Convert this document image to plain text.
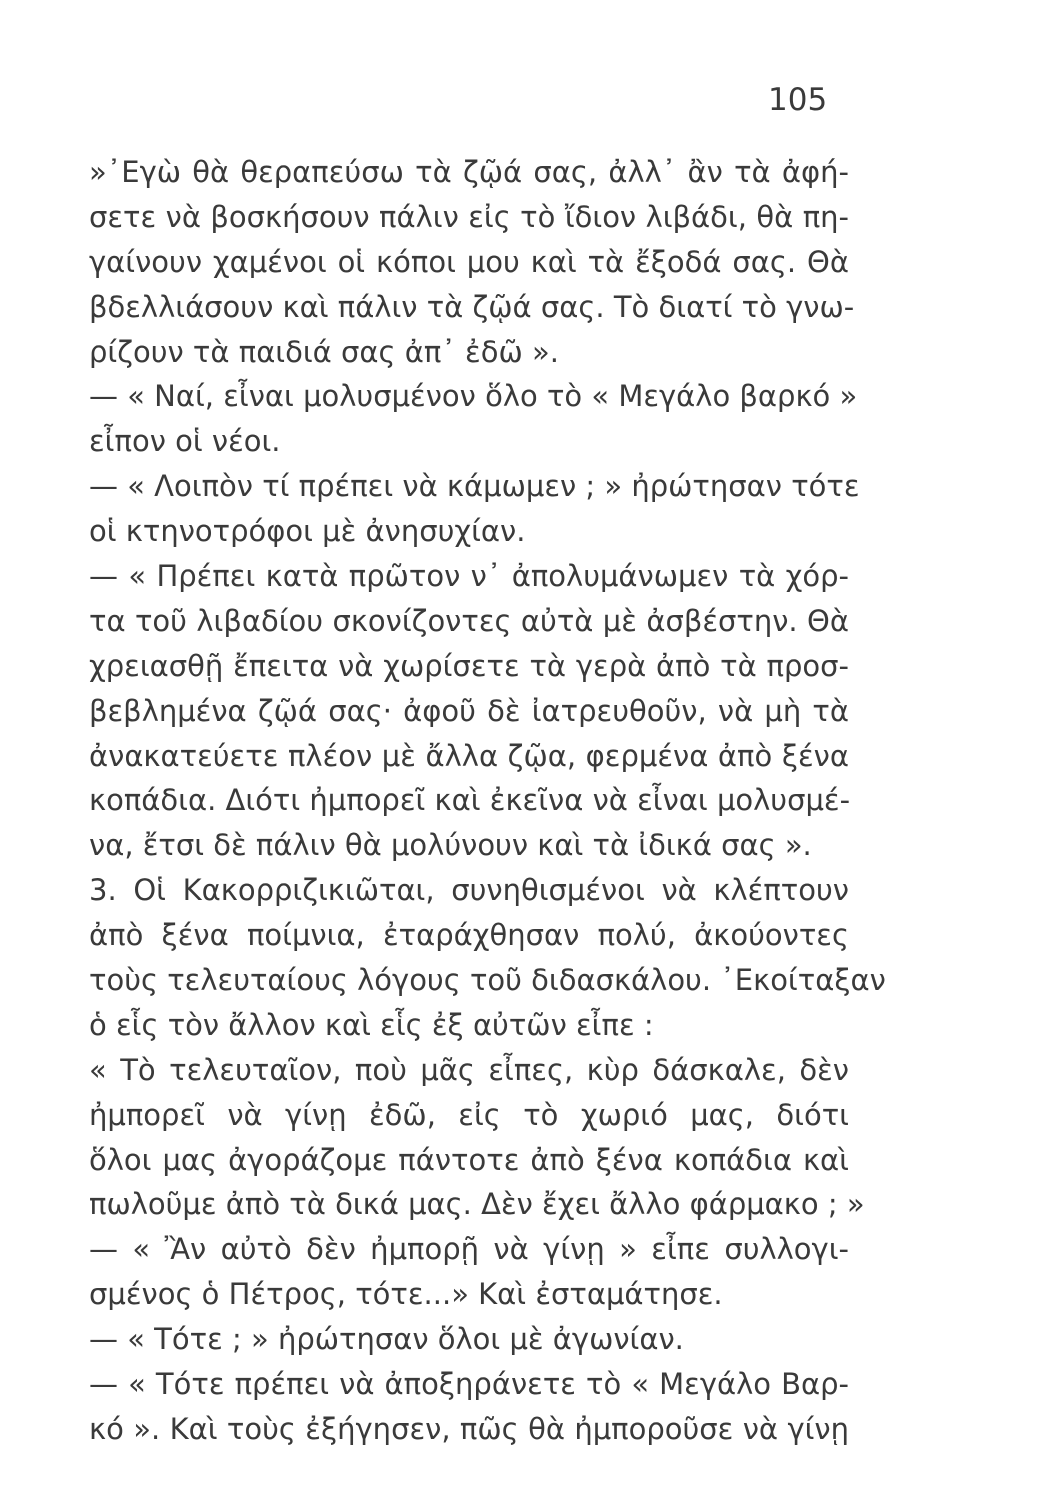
105
»᾿Εγὼ θὰ θεραπεύσω τὰ ζῷά σας, ἀλλ᾿ ἂν τὰ ἀφή-
σετε νὰ βοσκήσουν πάλιν εἰς τὸ ἴδιον λιβάδι, θὰ πη-
γαίνουν χαμένοι οἱ κόποι μου καὶ τὰ ἔξοδά σας. Θὰ
βδελλιάσουν καὶ πάλιν τὰ ζῷά σας. Τὸ διατί τὸ γνω-
ρίζουν τὰ παιδιά σας ἀπ᾿ ἐδῶ ».
— « Ναί, εἶναι μολυσμένον ὅλο τὸ « Μεγάλο βαρκό »
εἶπον οἱ νέοι.
— « Λοιπὸν τί πρέπει νὰ κάμωμεν ; » ἠρώτησαν τότε
οἱ κτηνοτρόφοι μὲ ἀνησυχίαν.
— « Πρέπει κατὰ πρῶτον ν᾿ ἀπολυμάνωμεν τὰ χόρ-
τα τοῦ λιβαδίου σκονίζοντες αὐτὰ μὲ ἀσβέστην. Θὰ
χρειασθῇ ἔπειτα νὰ χωρίσετε τὰ γερὰ ἀπὸ τὰ προσ-
βεβλημένα ζῷά σας· ἀφοῦ δὲ ἰατρευθοῦν, νὰ μὴ τὰ
ἀνακατεύετε πλέον μὲ ἄλλα ζῷα, φερμένα ἀπὸ ξένα
κοπάδια. Διότι ἠμπορεῖ καὶ ἐκεῖνα νὰ εἶναι μολυσμέ-
να, ἔτσι δὲ πάλιν θὰ μολύνουν καὶ τὰ ἰδικά σας ».
3. Οἱ Κακορριζικιῶται, συνηθισμένοι νὰ κλέπτουν
ἀπὸ ξένα ποίμνια, ἐταράχθησαν πολύ, ἀκούοντες
τοὺς τελευταίους λόγους τοῦ διδασκάλου. ᾿Εκοίταξαν
ὁ εἷς τὸν ἄλλον καὶ εἷς ἐξ αὐτῶν εἶπε :
« Τὸ τελευταῖον, ποὺ μᾶς εἶπες, κὺρ δάσκαλε, δὲν
ἠμπορεῖ νὰ γίνῃ ἐδῶ, εἰς τὸ χωριό μας, διότι
ὅλοι μας ἀγοράζομε πάντοτε ἀπὸ ξένα κοπάδια καὶ
πωλοῦμε ἀπὸ τὰ δικά μας. Δὲν ἔχει ἄλλο φάρμακο ; »
— « Ἂν αὐτὸ δὲν ἠμπορῇ νὰ γίνῃ » εἶπε συλλογι-
σμένος ὁ Πέτρος, τότε...» Καὶ ἐσταμάτησε.
— « Τότε ; » ἠρώτησαν ὅλοι μὲ ἀγωνίαν.
— « Τότε πρέπει νὰ ἀποξηράνετε τὸ « Μεγάλο Βαρ-
κό ». Καὶ τοὺς ἐξήγησεν, πῶς θὰ ἠμποροῦσε νὰ γίνῃ
